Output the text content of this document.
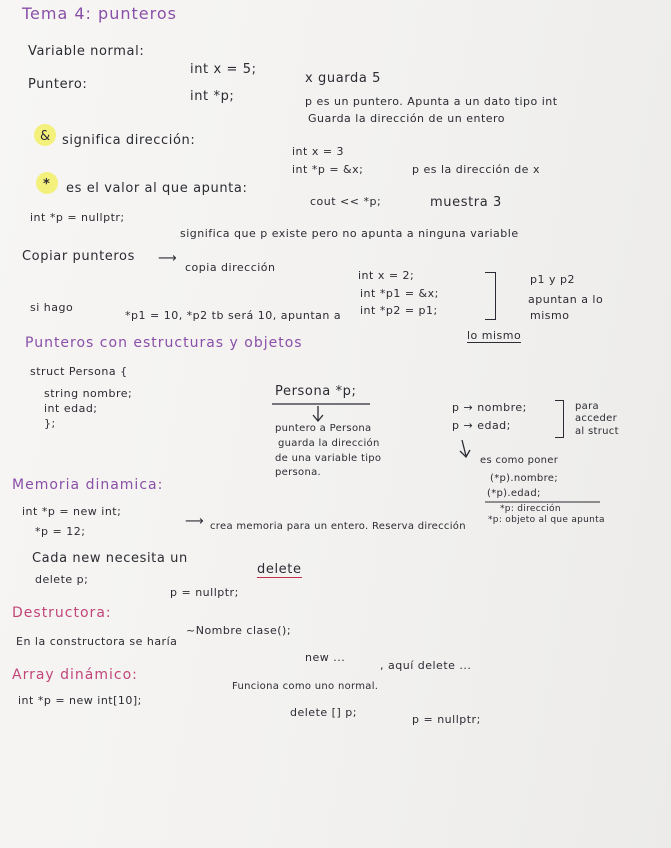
Tema 4: punteros
Variable normal:
int x = 5;
x guarda 5
Puntero:
int *p;	p es un puntero. Apunta a un dato tipo int
Guarda la dirección de un entero
& significa dirección:
int x = 3
int *p = &x;	p es la dirección de x
* es el valor al que apunta:
cout << *p;	muestra 3
int *p = nullptr;
significa que p existe pero no apunta a ninguna variable
Copiar punteros ⟶
copia dirección
int x = 2;
int *p1 = &x;
int *p2 = p1;
p1 y p2
apuntan a lo
mismo
si hago
*p1 = 10, *p2 tb será 10, apuntan a
lo mismo
Punteros con estructuras y objetos
struct Persona {
string nombre;
int edad;
};
Persona *p;
puntero a Persona
guarda la dirección
de una variable tipo
persona.
p → nombre;
p → edad;
para
acceder
al struct
es como poner
(*p).nombre;
(*p).edad;
*p: dirección
*p: objeto al que apunta
Memoria dinamica:
int *p = new int;
*p = 12;
⟶ crea memoria para un entero. Reserva dirección
Cada new necesita un
delete
delete p;
p = nullptr;
Destructora:
~Nombre clase();
En la constructora se haría
new ...
, aquí delete ...
Array dinámico:
Funciona como uno normal.
int *p = new int[10];
delete [] p;
p = nullptr;
